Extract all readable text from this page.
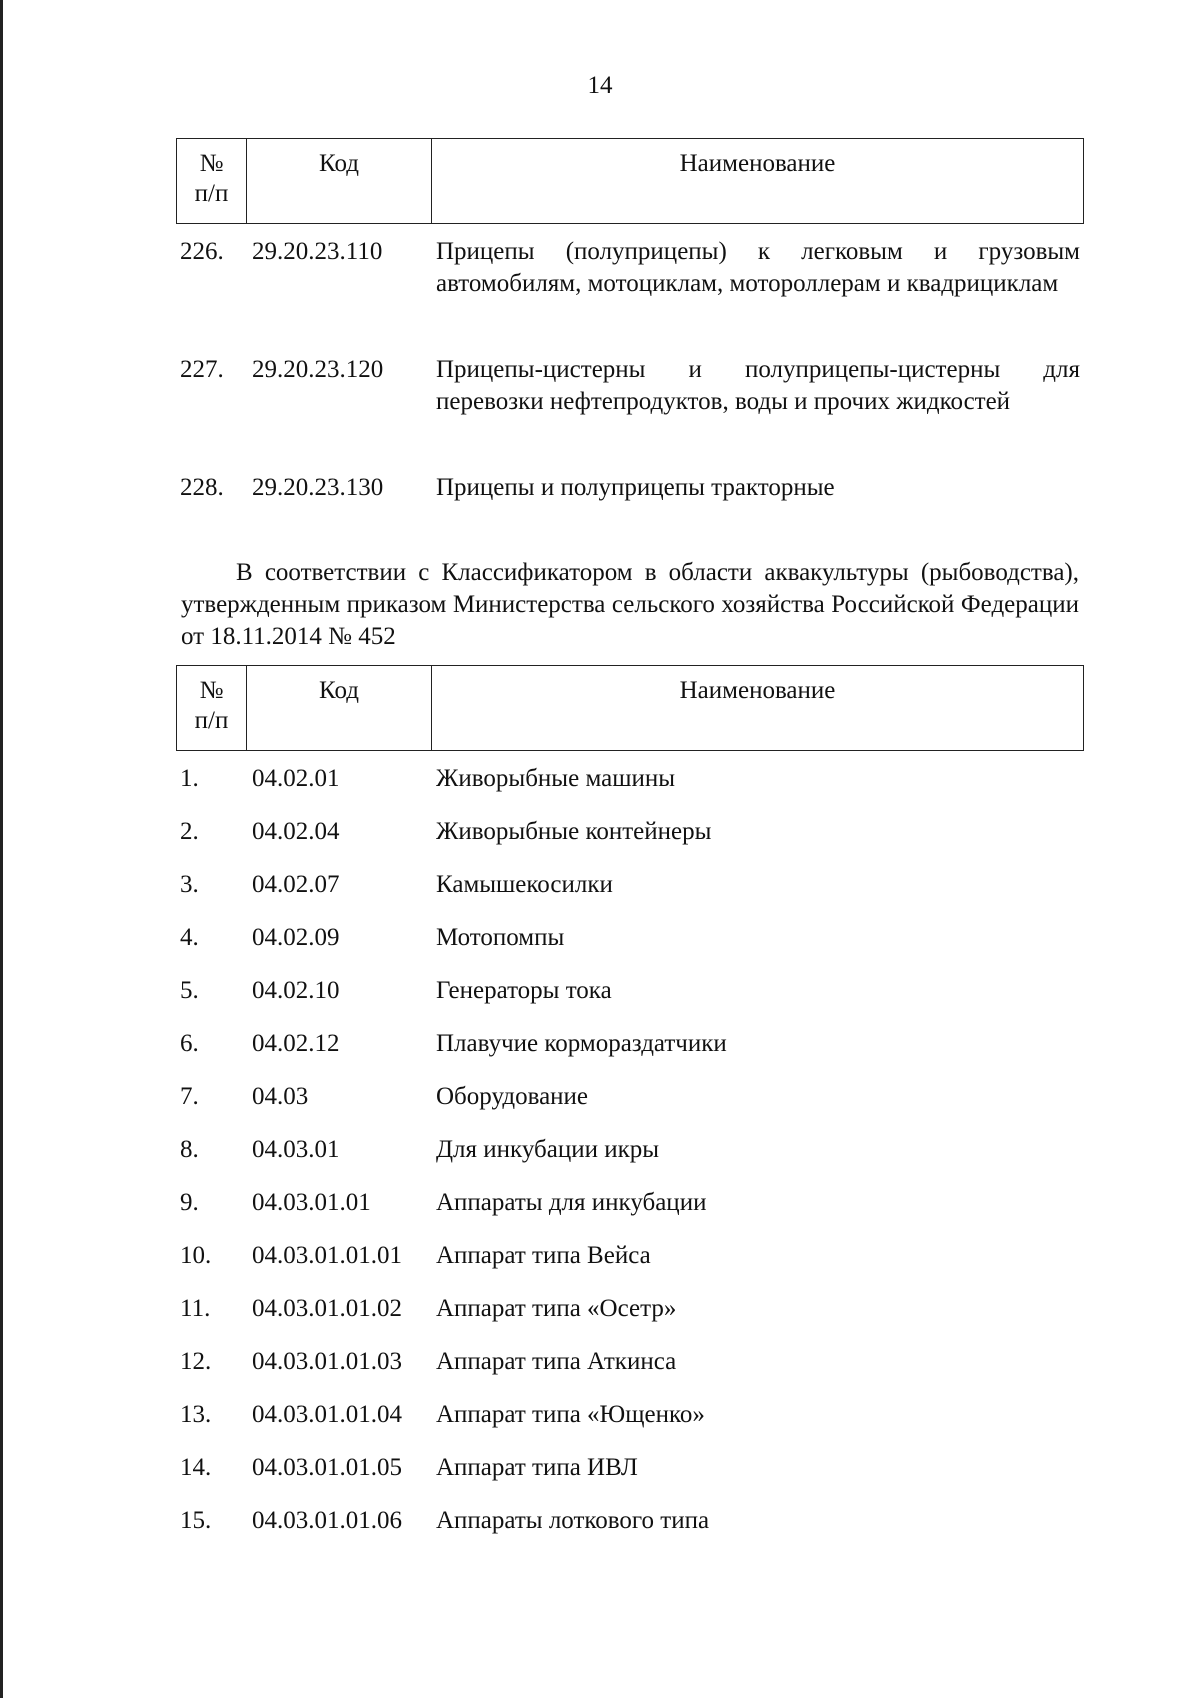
14
№
п/п
Код	Наименование
226. 29.20.23.110 Прицепы (полуприцепы) к легковым и грузовым автомобилям, мотоциклам, мотороллерам и квадрициклам
227. 29.20.23.120 Прицепы-цистерны и полуприцепы-цистерны для перевозки нефтепродуктов, воды и прочих жидкостей
228. 29.20.23.130 Прицепы и полуприцепы тракторные
В соответствии с Классификатором в области аквакультуры (рыбоводства), утвержденным приказом Министерства сельского хозяйства Российской Федерации от 18.11.2014 № 452
№
п/п
Код	Наименование
1. 04.02.01	Живорыбные машины
2. 04.02.04	Живорыбные контейнеры
3. 04.02.07	Камышекосилки
4. 04.02.09	Мотопомпы
5. 04.02.10	Генераторы тока
6. 04.02.12	Плавучие кормораздатчики
7. 04.03	Оборудование
8. 04.03.01	Для инкубации икры
9. 04.03.01.01	Аппараты для инкубации
10. 04.03.01.01.01 Аппарат типа Вейса
11. 04.03.01.01.02 Аппарат типа «Осетр»
12. 04.03.01.01.03 Аппарат типа Аткинса
13. 04.03.01.01.04 Аппарат типа «Ющенко»
14. 04.03.01.01.05 Аппарат типа ИВЛ
15. 04.03.01.01.06 Аппараты лоткового типа
